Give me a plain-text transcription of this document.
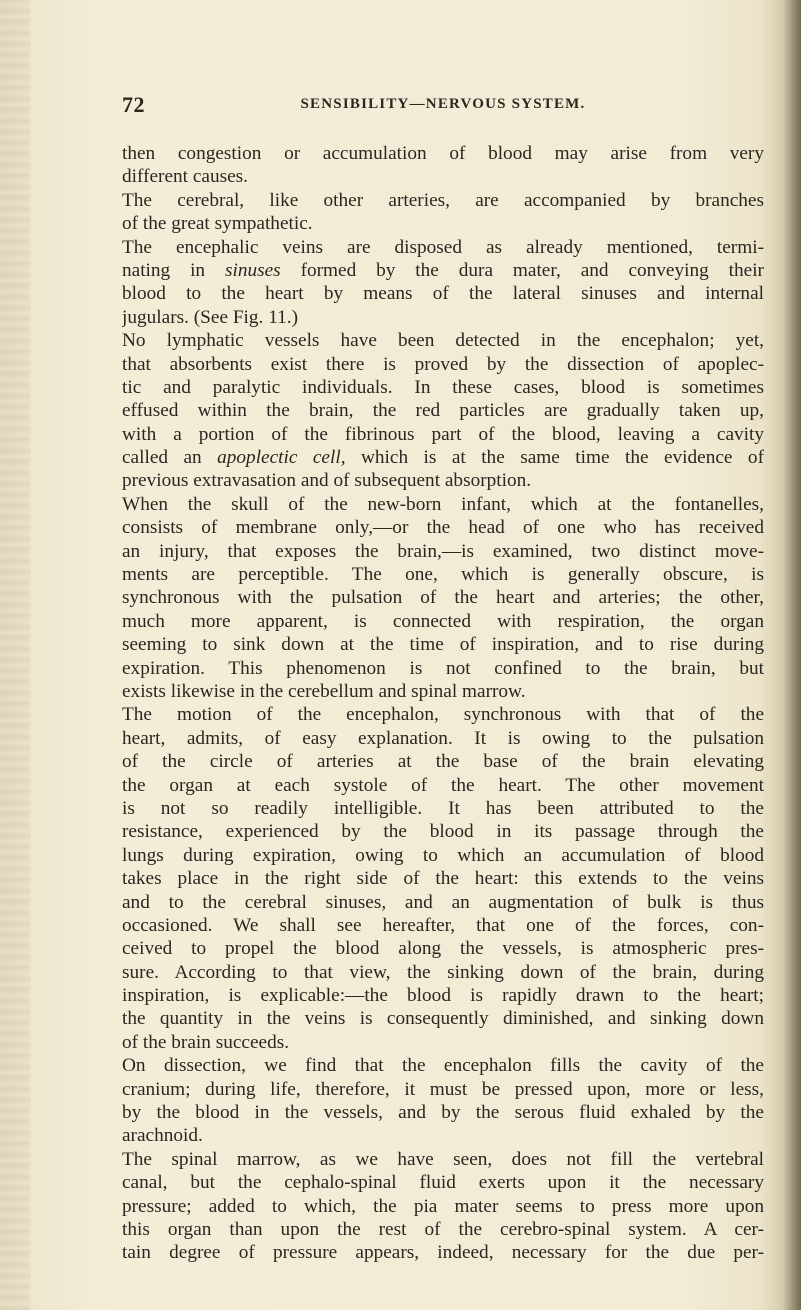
72	SENSIBILITY—NERVOUS SYSTEM.
then congestion or accumulation of blood may arise from very
different causes.
The cerebral, like other arteries, are accompanied by branches
of the great sympathetic.
The encephalic veins are disposed as already mentioned, termi-
nating in sinuses formed by the dura mater, and conveying their
blood to the heart by means of the lateral sinuses and internal
jugulars. (See Fig. 11.)
No lymphatic vessels have been detected in the encephalon; yet,
that absorbents exist there is proved by the dissection of apoplec-
tic and paralytic individuals. In these cases, blood is sometimes
effused within the brain, the red particles are gradually taken up,
with a portion of the fibrinous part of the blood, leaving a cavity
called an apoplectic cell, which is at the same time the evidence of
previous extravasation and of subsequent absorption.
When the skull of the new-born infant, which at the fontanelles,
consists of membrane only,—or the head of one who has received
an injury, that exposes the brain,—is examined, two distinct move-
ments are perceptible. The one, which is generally obscure, is
synchronous with the pulsation of the heart and arteries; the other,
much more apparent, is connected with respiration, the organ
seeming to sink down at the time of inspiration, and to rise during
expiration. This phenomenon is not confined to the brain, but
exists likewise in the cerebellum and spinal marrow.
The motion of the encephalon, synchronous with that of the
heart, admits, of easy explanation. It is owing to the pulsation
of the circle of arteries at the base of the brain elevating
the organ at each systole of the heart. The other movement
is not so readily intelligible. It has been attributed to the
resistance, experienced by the blood in its passage through the
lungs during expiration, owing to which an accumulation of blood
takes place in the right side of the heart: this extends to the veins
and to the cerebral sinuses, and an augmentation of bulk is thus
occasioned. We shall see hereafter, that one of the forces, con-
ceived to propel the blood along the vessels, is atmospheric pres-
sure. According to that view, the sinking down of the brain, during
inspiration, is explicable:—the blood is rapidly drawn to the heart;
the quantity in the veins is consequently diminished, and sinking down
of the brain succeeds.
On dissection, we find that the encephalon fills the cavity of the
cranium; during life, therefore, it must be pressed upon, more or less,
by the blood in the vessels, and by the serous fluid exhaled by the
arachnoid.
The spinal marrow, as we have seen, does not fill the vertebral
canal, but the cephalo-spinal fluid exerts upon it the necessary
pressure; added to which, the pia mater seems to press more upon
this organ than upon the rest of the cerebro-spinal system. A cer-
tain degree of pressure appears, indeed, necessary for the due per-
